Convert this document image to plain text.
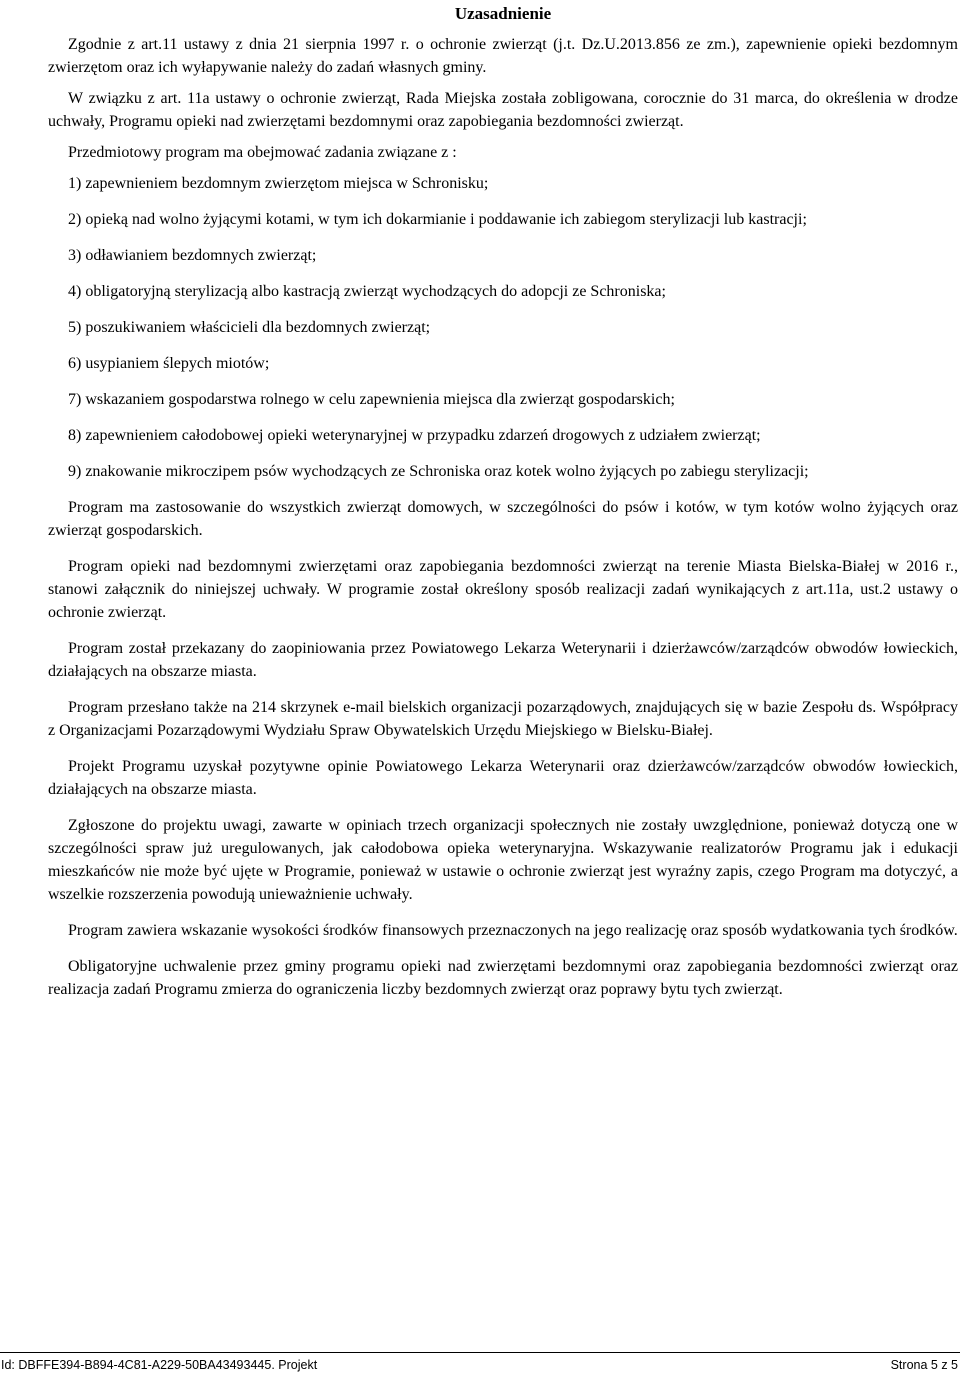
Uzasadnienie

Zgodnie z art.11 ustawy z dnia 21 sierpnia 1997 r. o ochronie zwierząt (j.t. Dz.U.2013.856 ze zm.), zapewnienie opieki bezdomnym zwierzętom oraz ich wyłapywanie należy do zadań własnych gminy.

W związku z art. 11a ustawy o ochronie zwierząt, Rada Miejska została zobligowana, corocznie do 31 marca, do określenia w drodze uchwały, Programu opieki nad zwierzętami bezdomnymi oraz zapobiegania bezdomności zwierząt.

Przedmiotowy program ma obejmować zadania związane z :

1) zapewnieniem bezdomnym zwierzętom miejsca w Schronisku;

2) opieką nad wolno żyjącymi kotami, w tym ich dokarmianie i poddawanie ich zabiegom sterylizacji lub kastracji;

3) odławianiem bezdomnych zwierząt;

4) obligatoryjną sterylizacją albo kastracją zwierząt wychodzących do adopcji ze Schroniska;

5) poszukiwaniem właścicieli dla bezdomnych zwierząt;

6) usypianiem ślepych miotów;

7) wskazaniem gospodarstwa rolnego w celu zapewnienia miejsca dla zwierząt gospodarskich;

8) zapewnieniem całodobowej opieki weterynaryjnej w przypadku zdarzeń drogowych z udziałem zwierząt;

9) znakowanie mikroczipem psów wychodzących ze Schroniska oraz kotek wolno żyjących po zabiegu sterylizacji;

Program ma zastosowanie do wszystkich zwierząt domowych, w szczególności do psów i kotów, w tym kotów wolno żyjących oraz zwierząt gospodarskich.

Program opieki nad bezdomnymi zwierzętami oraz zapobiegania bezdomności zwierząt na terenie Miasta Bielska-Białej w 2016 r., stanowi załącznik do niniejszej uchwały. W programie został określony sposób realizacji zadań wynikających z art.11a, ust.2 ustawy o ochronie zwierząt.

Program został przekazany do zaopiniowania przez Powiatowego Lekarza Weterynarii i dzierżawców/zarządców obwodów łowieckich, działających na obszarze miasta.

Program przesłano także na 214 skrzynek e-mail bielskich organizacji pozarządowych, znajdujących się w bazie Zespołu ds. Współpracy z Organizacjami Pozarządowymi Wydziału Spraw Obywatelskich Urzędu Miejskiego w Bielsku-Białej.

Projekt Programu uzyskał pozytywne opinie Powiatowego Lekarza Weterynarii oraz dzierżawców/zarządców obwodów łowieckich, działających na obszarze miasta.

Zgłoszone do projektu uwagi, zawarte w opiniach trzech organizacji społecznych nie zostały uwzględnione, ponieważ dotyczą one w szczególności spraw już uregulowanych, jak całodobowa opieka weterynaryjna. Wskazywanie realizatorów Programu jak i edukacji mieszkańców nie może być ujęte w Programie, ponieważ w ustawie o ochronie zwierząt jest wyraźny zapis, czego Program ma dotyczyć, a wszelkie rozszerzenia powodują unieważnienie uchwały.

Program zawiera wskazanie wysokości środków finansowych przeznaczonych na jego realizację oraz sposób wydatkowania tych środków.

Obligatoryjne uchwalenie przez gminy programu opieki nad zwierzętami bezdomnymi oraz zapobiegania bezdomności zwierząt oraz realizacja zadań Programu zmierza do ograniczenia liczby bezdomnych zwierząt oraz poprawy bytu tych zwierząt.

Id: DBFFE394-B894-4C81-A229-50BA43493445. Projekt	Strona 5 z 5
